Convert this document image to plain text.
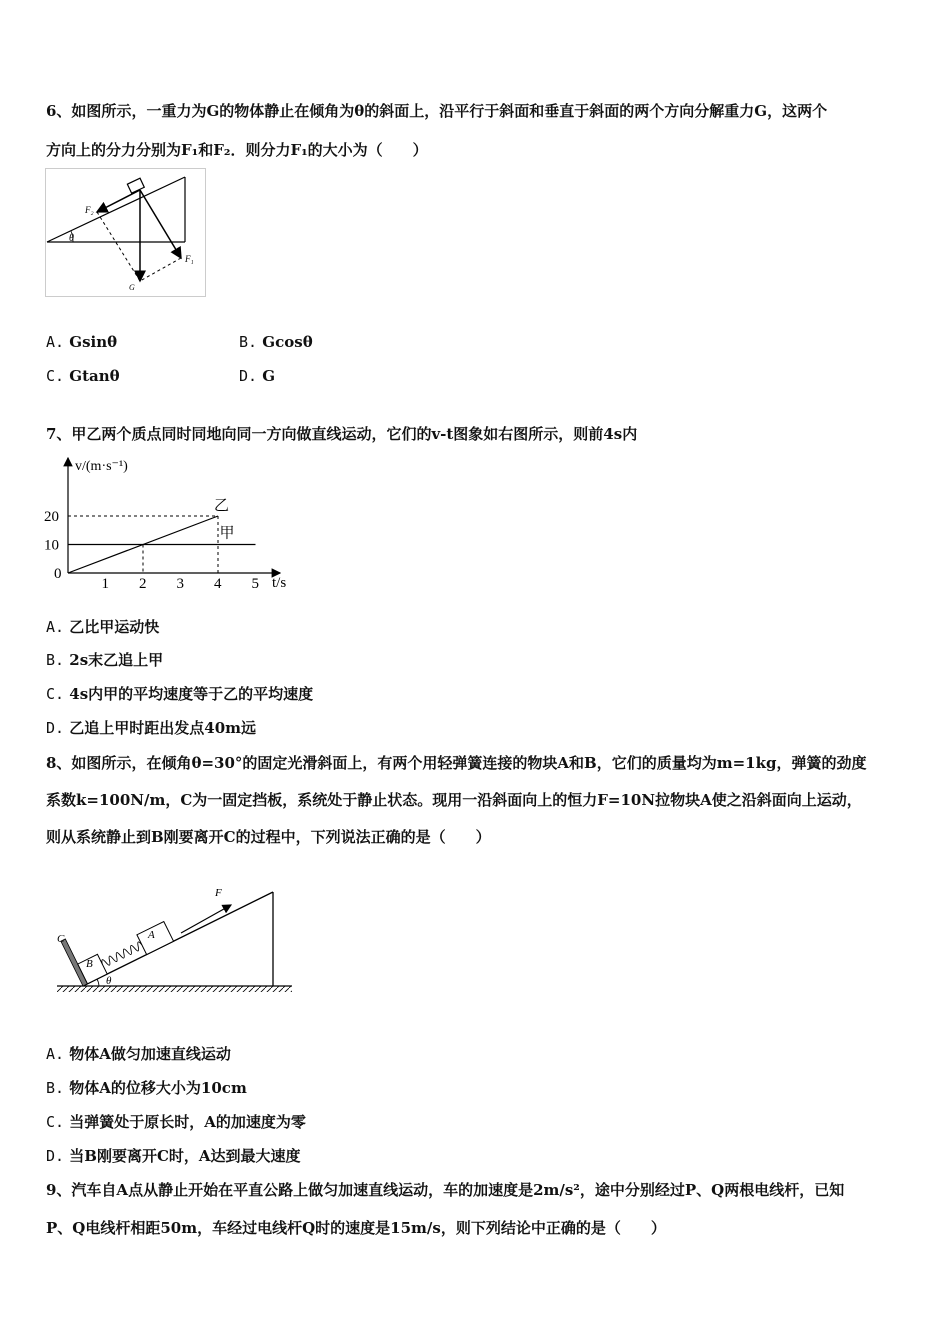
6、如图所示，一重力为G的物体静止在倾角为θ的斜面上，沿平行于斜面和垂直于斜面的两个方向分解重力G，这两个
方向上的分力分别为F₁和F₂．则分力F₁的大小为（　　）
F₂
θ
G
F₁
A. Gsinθ	B. Gcosθ
C. Gtanθ	D. G
7、甲乙两个质点同时同地向同一方向做直线运动，它们的v-t图象如右图所示，则前4s内
v/(m·s⁻¹)
t/s
0
1 2 3 4 5
10
20
甲
乙
A. 乙比甲运动快
B. 2s末乙追上甲
C. 4s内甲的平均速度等于乙的平均速度
D. 乙追上甲时距出发点40m远
8、如图所示，在倾角θ=30°的固定光滑斜面上，有两个用轻弹簧连接的物块A和B，它们的质量均为m=1kg，弹簧的劲度
系数k=100N/m，C为一固定挡板，系统处于静止状态。现用一沿斜面向上的恒力F=10N拉物块A使之沿斜面向上运动，
则从系统静止到B刚要离开C的过程中，下列说法正确的是（　　）
F
A
B
C
θ
A. 物体A做匀加速直线运动
B. 物体A的位移大小为10cm
C. 当弹簧处于原长时，A的加速度为零
D. 当B刚要离开C时，A达到最大速度
9、汽车自A点从静止开始在平直公路上做匀加速直线运动，车的加速度是2m/s²，途中分别经过P、Q两根电线杆，已知
P、Q电线杆相距50m，车经过电线杆Q时的速度是15m/s，则下列结论中正确的是（　　）
